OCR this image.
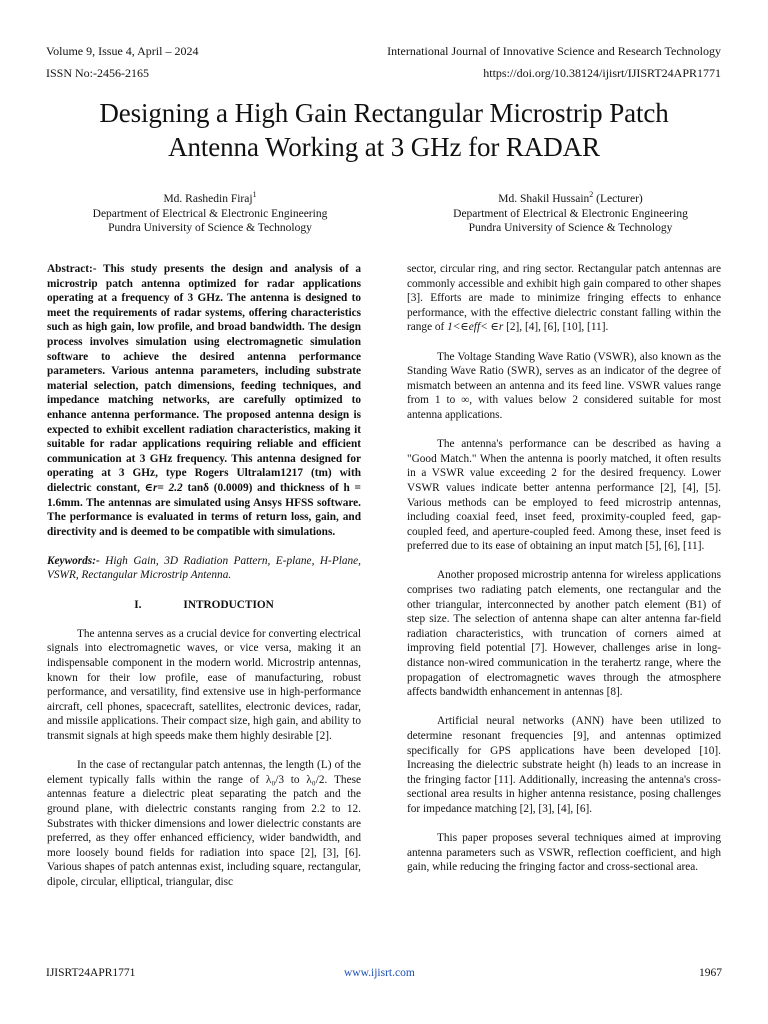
Volume 9, Issue 4, April – 2024	International Journal of Innovative Science and Research Technology
ISSN No:-2456-2165	https://doi.org/10.38124/ijisrt/IJISRT24APR1771
Designing a High Gain Rectangular Microstrip Patch
Antenna Working at 3 GHz for RADAR
Md. Rashedin Firaj$^1$
Department of Electrical & Electronic Engineering
Pundra University of Science & Technology
Md. Shakil Hussain$^2$ (Lecturer)
Department of Electrical & Electronic Engineering
Pundra University of Science & Technology

Abstract:- This study presents the design and analysis of a microstrip patch antenna optimized for radar applications operating at a frequency of 3 GHz. The antenna is designed to meet the requirements of radar systems, offering characteristics such as high gain, low profile, and broad bandwidth. The design process involves simulation using electromagnetic simulation software to achieve the desired antenna performance parameters. Various antenna parameters, including substrate material selection, patch dimensions, feeding techniques, and impedance matching networks, are carefully optimized to enhance antenna performance. The proposed antenna design is expected to exhibit excellent radiation characteristics, making it suitable for radar applications requiring reliable and efficient communication at 3 GHz frequency. This antenna designed for operating at 3 GHz, type Rogers Ultralam1217 (tm) with dielectric constant, ∈r= 2.2 tanδ (0.0009) and thickness of h = 1.6mm. The antennas are simulated using Ansys HFSS software. The performance is evaluated in terms of return loss, gain, and directivity and is deemed to be compatible with simulations.

Keywords:- High Gain, 3D Radiation Pattern, E-plane, H-Plane, VSWR, Rectangular Microstrip Antenna.

I.	INTRODUCTION

The antenna serves as a crucial device for converting electrical signals into electromagnetic waves, or vice versa, making it an indispensable component in the modern world. Microstrip antennas, known for their low profile, ease of manufacturing, robust performance, and versatility, find extensive use in high-performance aircraft, cell phones, spacecraft, satellites, electronic devices, radar, and missile applications. Their compact size, high gain, and ability to transmit signals at high speeds make them highly desirable [2].

In the case of rectangular patch antennas, the length (L) of the element typically falls within the range of λ₀/3 to λ₀/2. These antennas feature a dielectric pleat separating the patch and the ground plane, with dielectric constants ranging from 2.2 to 12. Substrates with thicker dimensions and lower dielectric constants are preferred, as they offer enhanced efficiency, wider bandwidth, and more loosely bound fields for radiation into space [2], [3], [6]. Various shapes of patch antennas exist, including square, rectangular, dipole, circular, elliptical, triangular, disc

sector, circular ring, and ring sector. Rectangular patch antennas are commonly accessible and exhibit high gain compared to other shapes [3]. Efforts are made to minimize fringing effects to enhance performance, with the effective dielectric constant falling within the range of 1<∈eff< ∈r [2], [4], [6], [10], [11].

The Voltage Standing Wave Ratio (VSWR), also known as the Standing Wave Ratio (SWR), serves as an indicator of the degree of mismatch between an antenna and its feed line. VSWR values range from 1 to ∞, with values below 2 considered suitable for most antenna applications.

The antenna's performance can be described as having a "Good Match." When the antenna is poorly matched, it often results in a VSWR value exceeding 2 for the desired frequency. Lower VSWR values indicate better antenna performance [2], [4], [5]. Various methods can be employed to feed microstrip antennas, including coaxial feed, inset feed, proximity-coupled feed, gap-coupled feed, and aperture-coupled feed. Among these, inset feed is preferred due to its ease of obtaining an input match [5], [6], [11].

Another proposed microstrip antenna for wireless applications comprises two radiating patch elements, one rectangular and the other triangular, interconnected by another patch element (B1) of step size. The selection of antenna shape can alter antenna far-field radiation characteristics, with truncation of corners aimed at improving field potential [7]. However, challenges arise in long-distance non-wired communication in the terahertz range, where the propagation of electromagnetic waves through the atmosphere affects bandwidth enhancement in antennas [8].

Artificial neural networks (ANN) have been utilized to determine resonant frequencies [9], and antennas optimized specifically for GPS applications have been developed [10]. Increasing the dielectric substrate height (h) leads to an increase in the fringing factor [11]. Additionally, increasing the antenna's cross-sectional area results in higher antenna resistance, posing challenges for impedance matching [2], [3], [4], [6].

This paper proposes several techniques aimed at improving antenna parameters such as VSWR, reflection coefficient, and high gain, while reducing the fringing factor and cross-sectional area.

IJISRT24APR1771	www.ijisrt.com	1967
